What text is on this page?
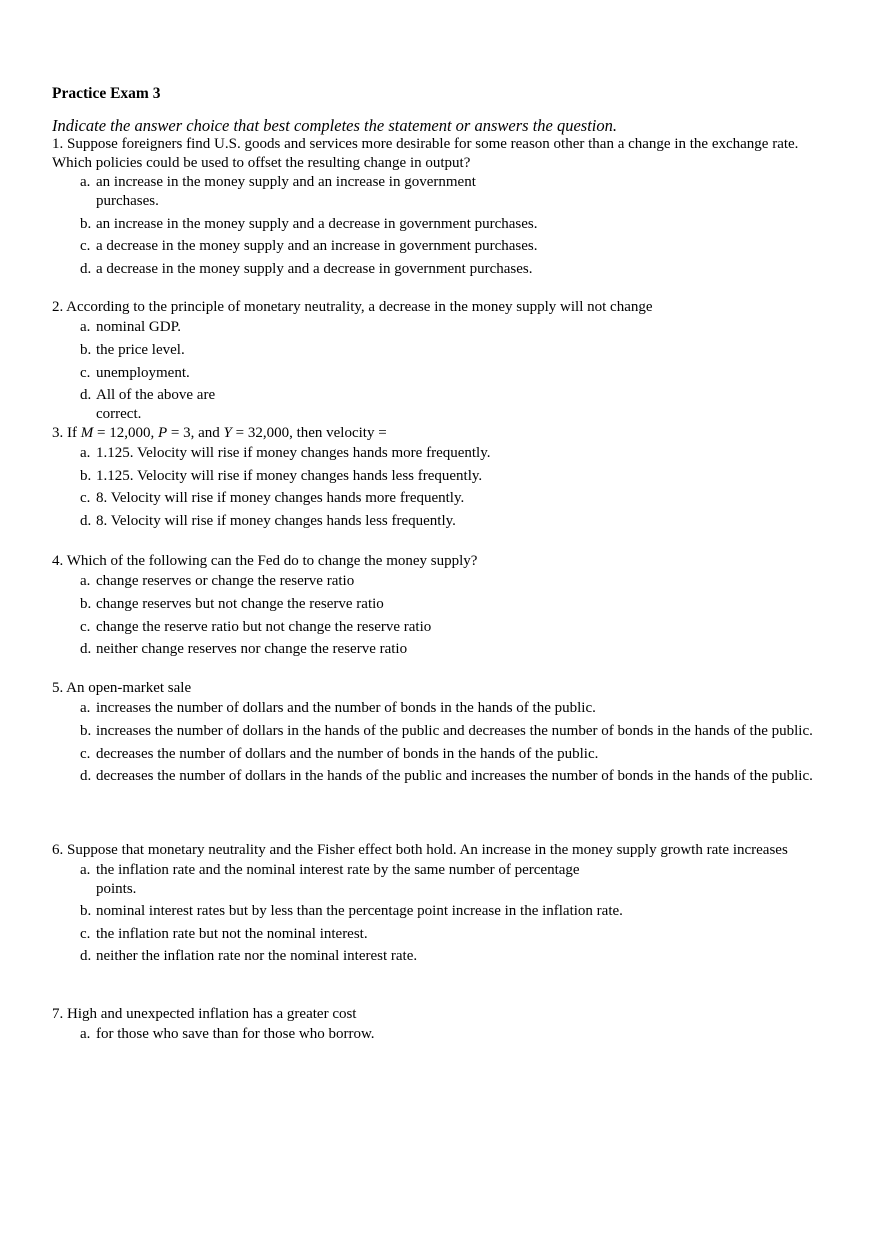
Practice Exam 3
Indicate the answer choice that best completes the statement or answers the question.
1. Suppose foreigners find U.S. goods and services more desirable for some reason other than a change in the exchange rate. Which policies could be used to offset the resulting change in output?
a. an increase in the money supply and an increase in government purchases.
b. an increase in the money supply and a decrease in government purchases.
c. a decrease in the money supply and an increase in government purchases.
d. a decrease in the money supply and a decrease in government purchases.
2. According to the principle of monetary neutrality, a decrease in the money supply will not change
a. nominal GDP.
b. the price level.
c. unemployment.
d. All of the above are correct.
3. If M = 12,000, P = 3, and Y = 32,000, then velocity =
a. 1.125. Velocity will rise if money changes hands more frequently.
b. 1.125. Velocity will rise if money changes hands less frequently.
c. 8. Velocity will rise if money changes hands more frequently.
d. 8. Velocity will rise if money changes hands less frequently.
4. Which of the following can the Fed do to change the money supply?
a. change reserves or change the reserve ratio
b. change reserves but not change the reserve ratio
c. change the reserve ratio but not change the reserve ratio
d. neither change reserves nor change the reserve ratio
5. An open-market sale
a. increases the number of dollars and the number of bonds in the hands of the public.
b. increases the number of dollars in the hands of the public and decreases the number of bonds in the hands of the public.
c. decreases the number of dollars and the number of bonds in the hands of the public.
d. decreases the number of dollars in the hands of the public and increases the number of bonds in the hands of the public.
6. Suppose that monetary neutrality and the Fisher effect both hold. An increase in the money supply growth rate increases
a. the inflation rate and the nominal interest rate by the same number of percentage points.
b. nominal interest rates but by less than the percentage point increase in the inflation rate.
c. the inflation rate but not the nominal interest.
d. neither the inflation rate nor the nominal interest rate.
7. High and unexpected inflation has a greater cost
a. for those who save than for those who borrow.
